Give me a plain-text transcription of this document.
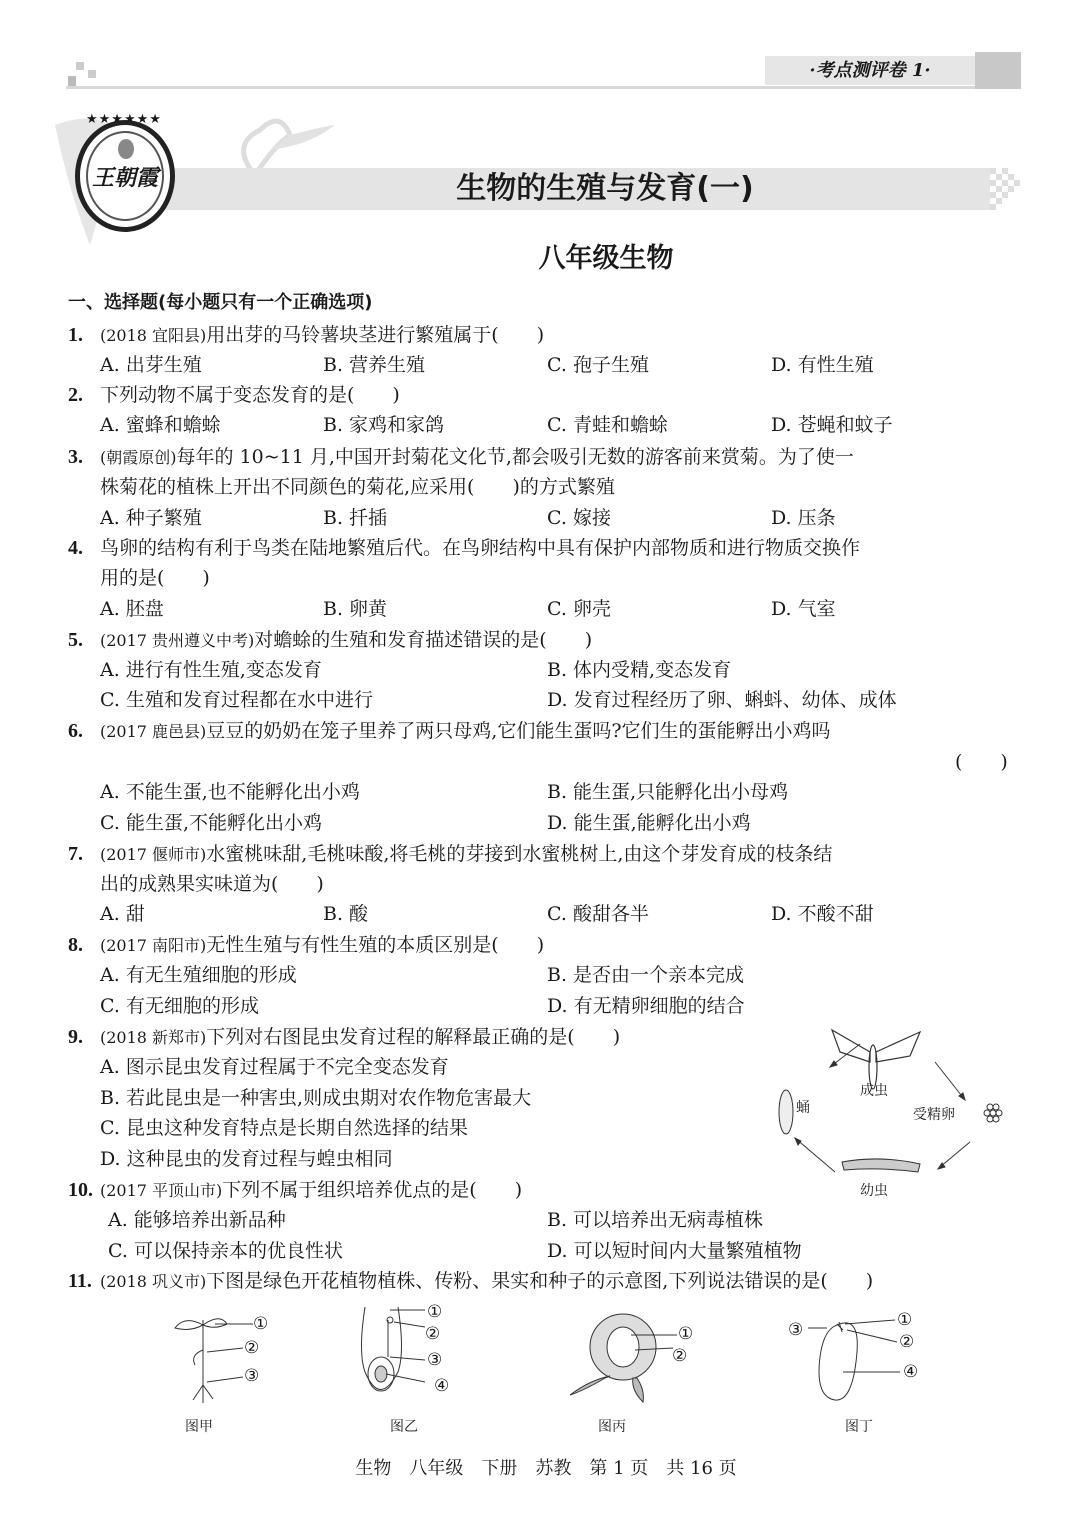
·考点测评卷 1·
王朝霞
★★★★★★
生物的生殖与发育(一)
八年级生物
一、选择题(每小题只有一个正确选项)
1. (2018 宜阳县)用出芽的马铃薯块茎进行繁殖属于(　　)
A. 出芽生殖	B. 营养生殖	C. 孢子生殖	D. 有性生殖
2. 下列动物不属于变态发育的是(　　)
A. 蜜蜂和蟾蜍	B. 家鸡和家鸽	C. 青蛙和蟾蜍	D. 苍蝇和蚊子
3. (朝霞原创)每年的 10~11 月,中国开封菊花文化节,都会吸引无数的游客前来赏菊。为了使一
株菊花的植株上开出不同颜色的菊花,应采用(　　)的方式繁殖
A. 种子繁殖	B. 扦插	C. 嫁接	D. 压条
4. 鸟卵的结构有利于鸟类在陆地繁殖后代。在鸟卵结构中具有保护内部物质和进行物质交换作
用的是(　　)
A. 胚盘	B. 卵黄	C. 卵壳	D. 气室
5. (2017 贵州遵义中考)对蟾蜍的生殖和发育描述错误的是(　　)
A. 进行有性生殖,变态发育	B. 体内受精,变态发育
C. 生殖和发育过程都在水中进行	D. 发育过程经历了卵、蝌蚪、幼体、成体
6. (2017 鹿邑县)豆豆的奶奶在笼子里养了两只母鸡,它们能生蛋吗?它们生的蛋能孵出小鸡吗
(　　)
A. 不能生蛋,也不能孵化出小鸡	B. 能生蛋,只能孵化出小母鸡
C. 能生蛋,不能孵化出小鸡	D. 能生蛋,能孵化出小鸡
7. (2017 偃师市)水蜜桃味甜,毛桃味酸,将毛桃的芽接到水蜜桃树上,由这个芽发育成的枝条结
出的成熟果实味道为(　　)
A. 甜	B. 酸	C. 酸甜各半	D. 不酸不甜
8. (2017 南阳市)无性生殖与有性生殖的本质区别是(　　)
A. 有无生殖细胞的形成	B. 是否由一个亲本完成
C. 有无细胞的形成	D. 有无精卵细胞的结合
9. (2018 新郑市)下列对右图昆虫发育过程的解释最正确的是(　　)
A. 图示昆虫发育过程属于不完全变态发育
B. 若此昆虫是一种害虫,则成虫期对农作物危害最大
C. 昆虫这种发育特点是长期自然选择的结果
D. 这种昆虫的发育过程与蝗虫相同
成虫
蛹	受精卵
幼虫
10. (2017 平顶山市)下列不属于组织培养优点的是(　　)
A. 能够培养出新品种	B. 可以培养出无病毒植株
C. 可以保持亲本的优良性状	D. 可以短时间内大量繁殖植物
11. (2018 巩义市)下图是绿色开花植物植株、传粉、果实和种子的示意图,下列说法错误的是(　　)
①
②
③
①
②
③
④
①
②
①
②
③
④
图甲	图乙	图丙	图丁
生物　八年级　下册　苏教　第 1 页　共 16 页
